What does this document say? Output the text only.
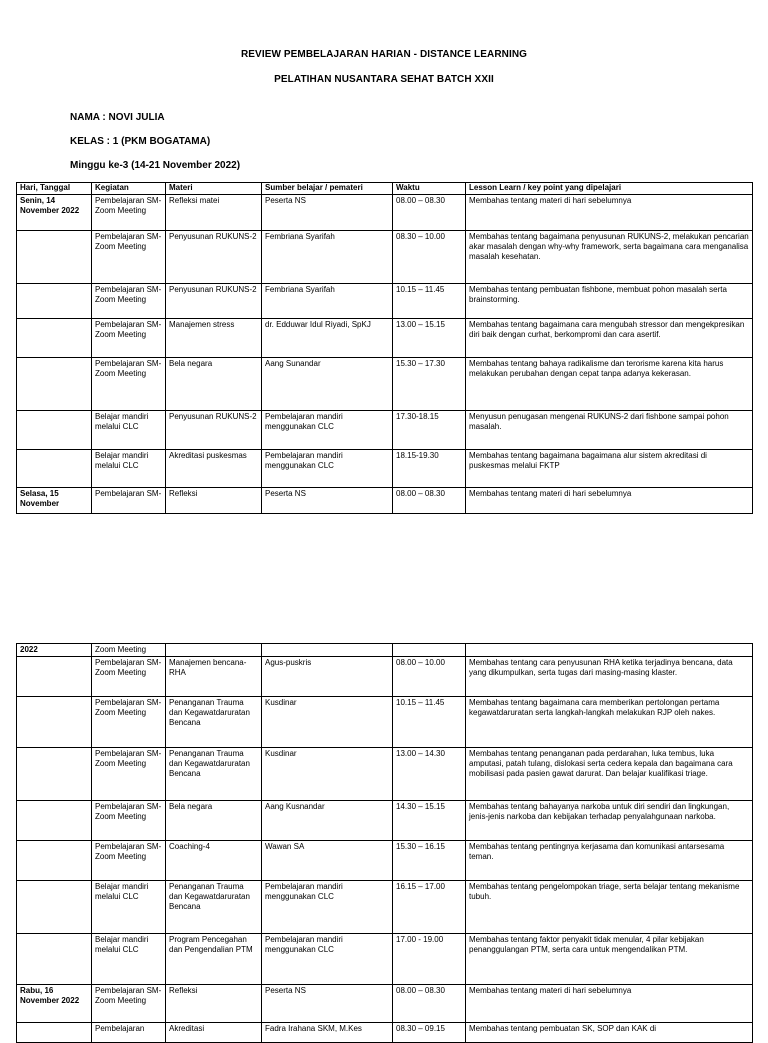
REVIEW PEMBELAJARAN HARIAN - DISTANCE LEARNING
PELATIHAN NUSANTARA SEHAT BATCH XXII
NAMA : NOVI JULIA
KELAS : 1 (PKM BOGATAMA)
Minggu ke-3 (14-21 November 2022)
Hari, Tanggal	Kegiatan	Materi	Sumber belajar / pemateri	Waktu	Lesson Learn / key point yang dipelajari
Senin, 14 November 2022	Pembelajaran SM- Zoom Meeting	Refleksi matei	Peserta NS	08.00 – 08.30	Membahas tentang materi di hari sebelumnya
	Pembelajaran SM- Zoom Meeting	Penyusunan RUKUNS-2	Fembriana Syarifah	08.30 – 10.00	Membahas tentang bagaimana penyusunan RUKUNS-2, melakukan pencarian akar masalah dengan why-why framework, serta bagaimana cara menganalisa masalah kesehatan.
	Pembelajaran SM- Zoom Meeting	Penyusunan RUKUNS-2	Fembriana Syarifah	10.15 – 11.45	Membahas tentang pembuatan fishbone, membuat pohon masalah serta brainstorming.
	Pembelajaran SM- Zoom Meeting	Manajemen stress	dr. Edduwar Idul Riyadi, SpKJ	13.00 – 15.15	Membahas tentang bagaimana cara mengubah stressor dan mengekpresikan diri baik dengan curhat, berkompromi dan cara asertif.
	Pembelajaran SM- Zoom Meeting	Bela negara	Aang Sunandar	15.30 – 17.30	Membahas tentang bahaya radikalisme dan terorisme karena kita harus melakukan perubahan dengan cepat tanpa adanya kekerasan.
	Belajar mandiri melalui CLC	Penyusunan RUKUNS-2	Pembelajaran mandiri menggunakan CLC	17.30-18.15	Menyusun penugasan mengenai RUKUNS-2 dari fishbone sampai pohon masalah.
	Belajar mandiri melalui CLC	Akreditasi puskesmas	Pembelajaran mandiri menggunakan CLC	18.15-19.30	Membahas tentang bagaimana bagaimana alur sistem akreditasi di puskesmas melalui FKTP
Selasa, 15 November	Pembelajaran SM-	Refleksi	Peserta NS	08.00 – 08.30	Membahas tentang materi di hari sebelumnya
2022	Zoom Meeting				
	Pembelajaran SM- Zoom Meeting	Manajemen bencana-RHA	Agus-puskris	08.00 – 10.00	Membahas tentang cara penyusunan RHA ketika terjadinya bencana, data yang dikumpulkan, serta tugas dari masing-masing klaster.
	Pembelajaran SM- Zoom Meeting	Penanganan Trauma dan Kegawatdaruratan Bencana	Kusdinar	10.15 – 11.45	Membahas tentang bagaimana cara memberikan pertolongan pertama kegawatdaruratan serta langkah-langkah melakukan RJP oleh nakes.
	Pembelajaran SM- Zoom Meeting	Penanganan Trauma dan Kegawatdaruratan Bencana	Kusdinar	13.00 – 14.30	Membahas tentang penanganan pada perdarahan, luka tembus, luka amputasi, patah tulang, dislokasi serta cedera kepala dan bagaimana cara mobilisasi pada pasien gawat darurat. Dan belajar kualifikasi triage.
	Pembelajaran SM- Zoom Meeting	Bela negara	Aang Kusnandar	14.30 – 15.15	Membahas tentang bahayanya narkoba untuk diri sendiri dan lingkungan, jenis-jenis narkoba dan kebijakan terhadap penyalahgunaan narkoba.
	Pembelajaran SM- Zoom Meeting	Coaching-4	Wawan SA	15.30 – 16.15	Membahas tentang pentingnya kerjasama dan komunikasi antarsesama teman.
	Belajar mandiri melalui CLC	Penanganan Trauma dan Kegawatdaruratan Bencana	Pembelajaran mandiri menggunakan CLC	16.15 – 17.00	Membahas tentang pengelompokan triage, serta belajar tentang mekanisme tubuh.
	Belajar mandiri melalui CLC	Program Pencegahan dan Pengendalian PTM	Pembelajaran mandiri menggunakan CLC	17.00 - 19.00	Membahas tentang faktor penyakit tidak menular, 4 pilar kebijakan penanggulangan PTM, serta cara untuk mengendalikan PTM.
Rabu, 16 November 2022	Pembelajaran SM- Zoom Meeting	Refleksi	Peserta NS	08.00 – 08.30	Membahas tentang materi di hari sebelumnya
	Pembelajaran	Akreditasi	Fadra Irahana SKM, M.Kes	08.30 – 09.15	Membahas tentang pembuatan SK, SOP dan KAK di
